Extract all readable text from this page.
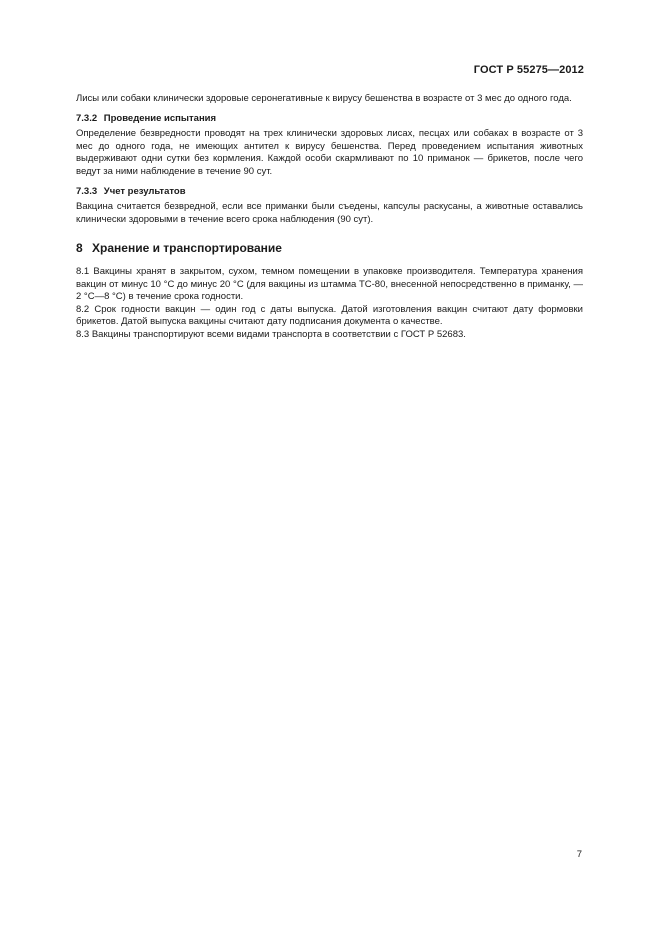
ГОСТ Р 55275—2012

Лисы или собаки клинически здоровые серонегативные к вирусу бешенства в возрасте от 3 мес до одного года.

7.3.2 Проведение испытания

Определение безвредности проводят на трех клинически здоровых лисах, песцах или собаках в возрасте от 3 мес до одного года, не имеющих антител к вирусу бешенства. Перед проведением испытания животных выдерживают одни сутки без кормления. Каждой особи скармливают по 10 приманок — брикетов, после чего ведут за ними наблюдение в течение 90 сут.

7.3.3 Учет результатов

Вакцина считается безвредной, если все приманки были съедены, капсулы раскусаны, а животные оставались клинически здоровыми в течение всего срока наблюдения (90 сут).

8 Хранение и транспортирование

8.1 Вакцины хранят в закрытом, сухом, темном помещении в упаковке производителя. Температура хранения вакцин от минус 10 °С до минус 20 °С (для вакцины из штамма ТС-80, внесенной непосредственно в приманку, — 2 °С—8 °С) в течение срока годности.

8.2 Срок годности вакцин — один год с даты выпуска. Датой изготовления вакцин считают дату формовки брикетов. Датой выпуска вакцины считают дату подписания документа о качестве.

8.3 Вакцины транспортируют всеми видами транспорта в соответствии с ГОСТ Р 52683.

7
